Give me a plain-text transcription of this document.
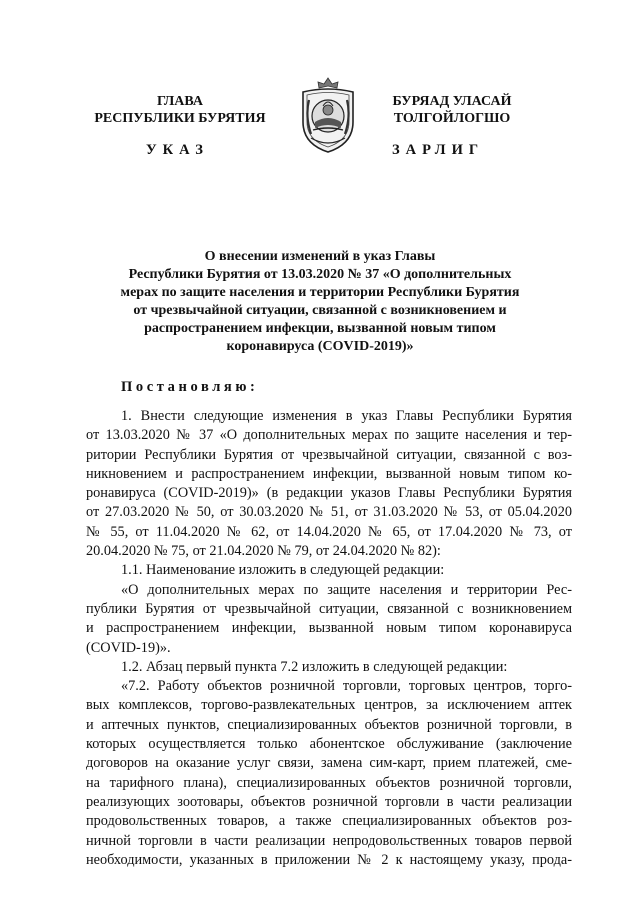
ГЛАВА
РЕСПУБЛИКИ БУРЯТИЯ
БУРЯАД УЛАСАЙ
ТОЛГОЙЛОГШО
УКАЗ	ЗАРЛИГ
О внесении изменений в указ Главы
Республики Бурятия от 13.03.2020 № 37 «О дополнительных
мерах по защите населения и территории Республики Бурятия
от чрезвычайной ситуации, связанной с возникновением и
распространением инфекции, вызванной новым типом
коронавируса (COVID-2019)»
Постановляю:
1. Внести следующие изменения в указ Главы Республики Бурятия
от 13.03.2020 № 37 «О дополнительных мерах по защите населения и тер-
ритории Республики Бурятия от чрезвычайной ситуации, связанной с воз-
никновением и распространением инфекции, вызванной новым типом ко-
ронавируса (COVID-2019)» (в редакции указов Главы Республики Бурятия
от 27.03.2020 № 50, от 30.03.2020 № 51, от 31.03.2020 № 53, от 05.04.2020
№ 55, от 11.04.2020 № 62, от 14.04.2020 № 65, от 17.04.2020 № 73, от
20.04.2020 № 75, от 21.04.2020 № 79, от 24.04.2020 № 82):
1.1. Наименование изложить в следующей редакции:
«О дополнительных мерах по защите населения и территории Рес-
публики Бурятия от чрезвычайной ситуации, связанной с возникновением
и распространением инфекции, вызванной новым типом коронавируса
(COVID-19)».
1.2. Абзац первый пункта 7.2 изложить в следующей редакции:
«7.2. Работу объектов розничной торговли, торговых центров, торго-
вых комплексов, торгово-развлекательных центров, за исключением аптек
и аптечных пунктов, специализированных объектов розничной торговли, в
которых осуществляется только абонентское обслуживание (заключение
договоров на оказание услуг связи, замена сим-карт, прием платежей, сме-
на тарифного плана), специализированных объектов розничной торговли,
реализующих зоотовары, объектов розничной торговли в части реализации
продовольственных товаров, а также специализированных объектов роз-
ничной торговли в части реализации непродовольственных товаров первой
необходимости, указанных в приложении № 2 к настоящему указу, прода-
